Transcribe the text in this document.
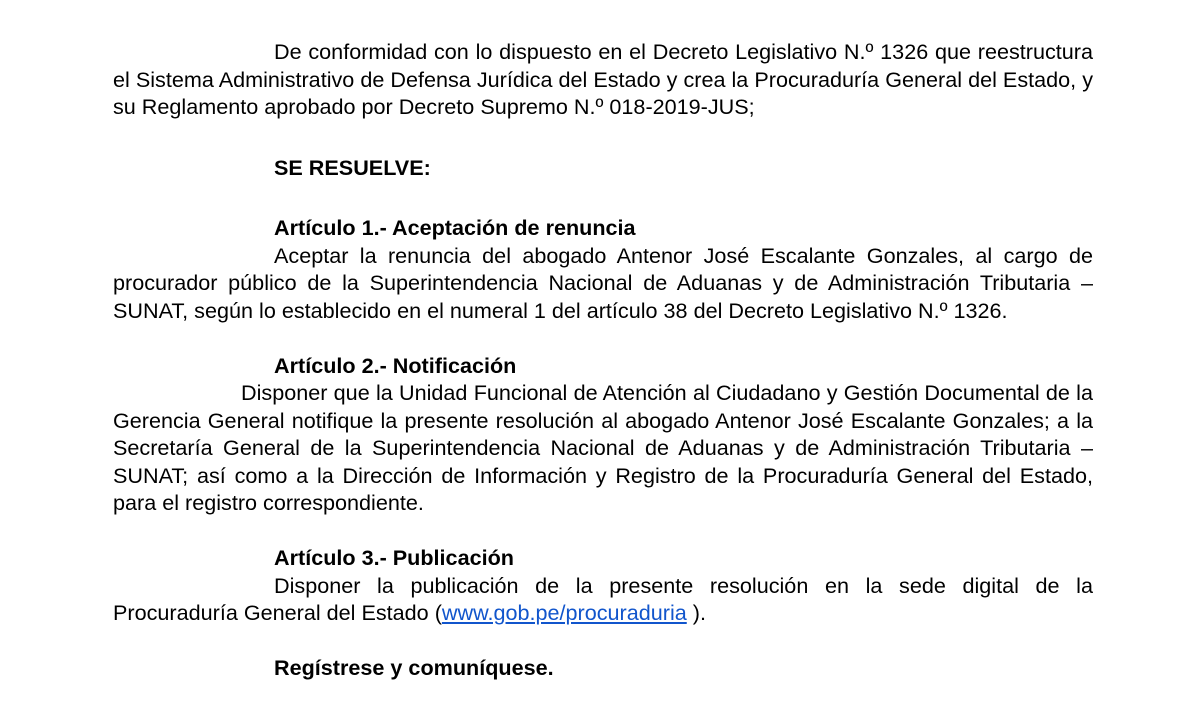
De conformidad con lo dispuesto en el Decreto Legislativo N.º 1326 que reestructura el Sistema Administrativo de Defensa Jurídica del Estado y crea la Procuraduría General del Estado, y su Reglamento aprobado por Decreto Supremo N.º 018-2019-JUS;

SE RESUELVE:

Artículo 1.- Aceptación de renuncia

Aceptar la renuncia del abogado Antenor José Escalante Gonzales, al cargo de procurador público de la Superintendencia Nacional de Aduanas y de Administración Tributaria – SUNAT, según lo establecido en el numeral 1 del artículo 38 del Decreto Legislativo N.º 1326.

Artículo 2.- Notificación

Disponer que la Unidad Funcional de Atención al Ciudadano y Gestión Documental de la Gerencia General notifique la presente resolución al abogado Antenor José Escalante Gonzales; a la Secretaría General de la Superintendencia Nacional de Aduanas y de Administración Tributaria – SUNAT; así como a la Dirección de Información y Registro de la Procuraduría General del Estado, para el registro correspondiente.

Artículo 3.- Publicación

Disponer la publicación de la presente resolución en la sede digital de la Procuraduría General del Estado (www.gob.pe/procuraduria ).

Regístrese y comuníquese.
